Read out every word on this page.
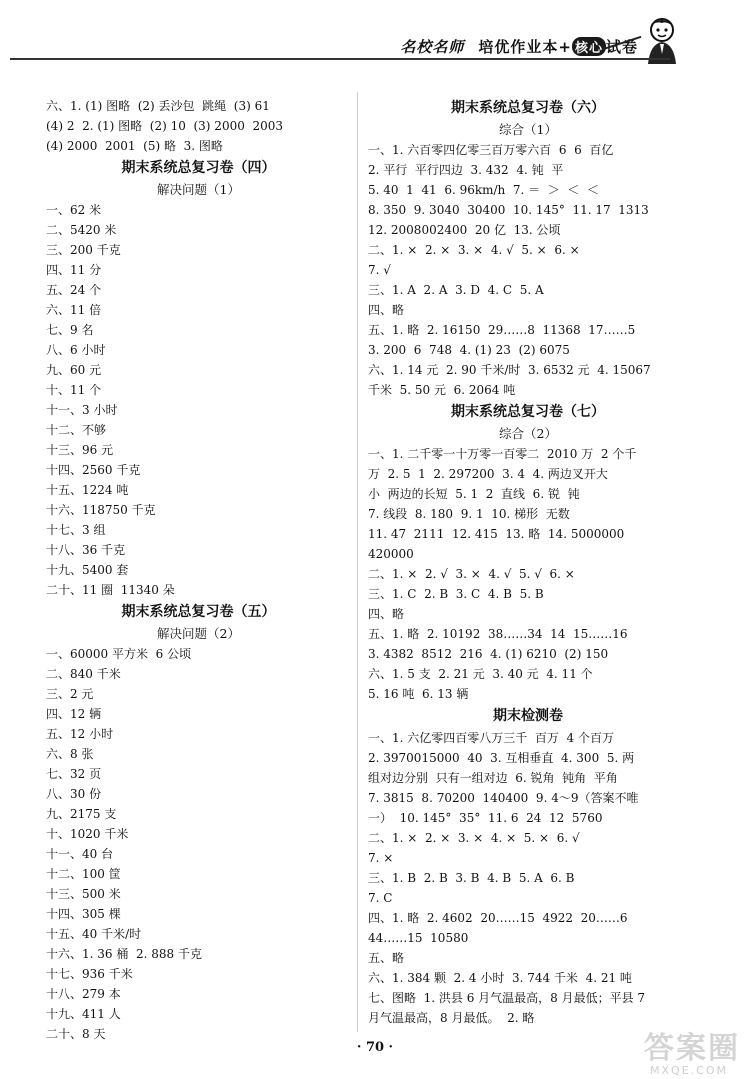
名校名师 培优作业本+ 核心 试卷
六、1. (1) 图略  (2) 丢沙包  跳绳  (3) 61
(4) 2  2. (1) 图略  (2) 10  (3) 2000  2003
(4) 2000  2001  (5) 略  3. 图略
期末系统总复习卷（四）
解决问题（1）
一、62 米
二、5420 米
三、200 千克
四、11 分
五、24 个
六、11 倍
七、9 名
八、6 小时
九、60 元
十、11 个
十一、3 小时
十二、不够
十三、96 元
十四、2560 千克
十五、1224 吨
十六、118750 千克
十七、3 组
十八、36 千克
十九、5400 套
二十、11 圈  11340 朵
期末系统总复习卷（五）
解决问题（2）
一、60000 平方米  6 公顷
二、840 千米
三、2 元
四、12 辆
五、12 小时
六、8 张
七、32 页
八、30 份
九、2175 支
十、1020 千米
十一、40 台
十二、100 筐
十三、500 米
十四、305 棵
十五、40 千米/时
十六、1. 36 桶  2. 888 千克
十七、936 千米
十八、279 本
十九、411 人
二十、8 天
期末系统总复习卷（六）
综合（1）
一、1. 六百零四亿零三百万零六百  6  6  百亿
2. 平行  平行四边  3. 432  4. 钝  平
5. 40  1  41  6. 96km/h  7. ＝  ＞  ＜  ＜
8. 350  9. 3040  30400  10. 145°  11. 17  1313
12. 2008002400  20 亿  13. 公顷
二、1. ×  2. ×  3. ×  4. √  5. ×  6. ×
7. √
三、1. A  2. A  3. D  4. C  5. A
四、略
五、1. 略  2. 16150  29……8  11368  17……5
3. 200  6  748  4. (1) 23  (2) 6075
六、1. 14 元  2. 90 千米/时  3. 6532 元  4. 15067
千米  5. 50 元  6. 2064 吨
期末系统总复习卷（七）
综合（2）
一、1. 二千零一十万零一百零二  2010 万  2 个千
万  2. 5  1  2. 297200  3. 4  4. 两边叉开大
小  两边的长短  5. 1  2  直线  6. 锐  钝
7. 线段  8. 180  9. 1  10. 梯形  无数
11. 47  2111  12. 415  13. 略  14. 5000000
420000
二、1. ×  2. √  3. ×  4. √  5. √  6. ×
三、1. C  2. B  3. C  4. B  5. B
四、略
五、1. 略  2. 10192  38……34  14  15……16
3. 4382  8512  216  4. (1) 6210  (2) 150
六、1. 5 支  2. 21 元  3. 40 元  4. 11 个
5. 16 吨  6. 13 辆
期末检测卷
一、1. 六亿零四百零八万三千  百万  4 个百万
2. 3970015000  40  3. 互相垂直  4. 300  5. 两
组对边分别  只有一组对边  6. 锐角  钝角  平角
7. 3815  8. 70200  140400  9. 4～9（答案不唯
一）  10. 145°  35°  11. 6  24  12  5760
二、1. ×  2. ×  3. ×  4. ×  5. ×  6. √
7. ×
三、1. B  2. B  3. B  4. B  5. A  6. B
7. C
四、1. 略  2. 4602  20……15  4922  20……6
44……15  10580
五、略
六、1. 384 颗  2. 4 小时  3. 744 千米  4. 21 吨
七、图略  1. 洪县 6 月气温最高，8 月最低；平县 7
月气温最高，8 月最低。  2. 略
· 70 ·	答案圈
MXQE.COM
